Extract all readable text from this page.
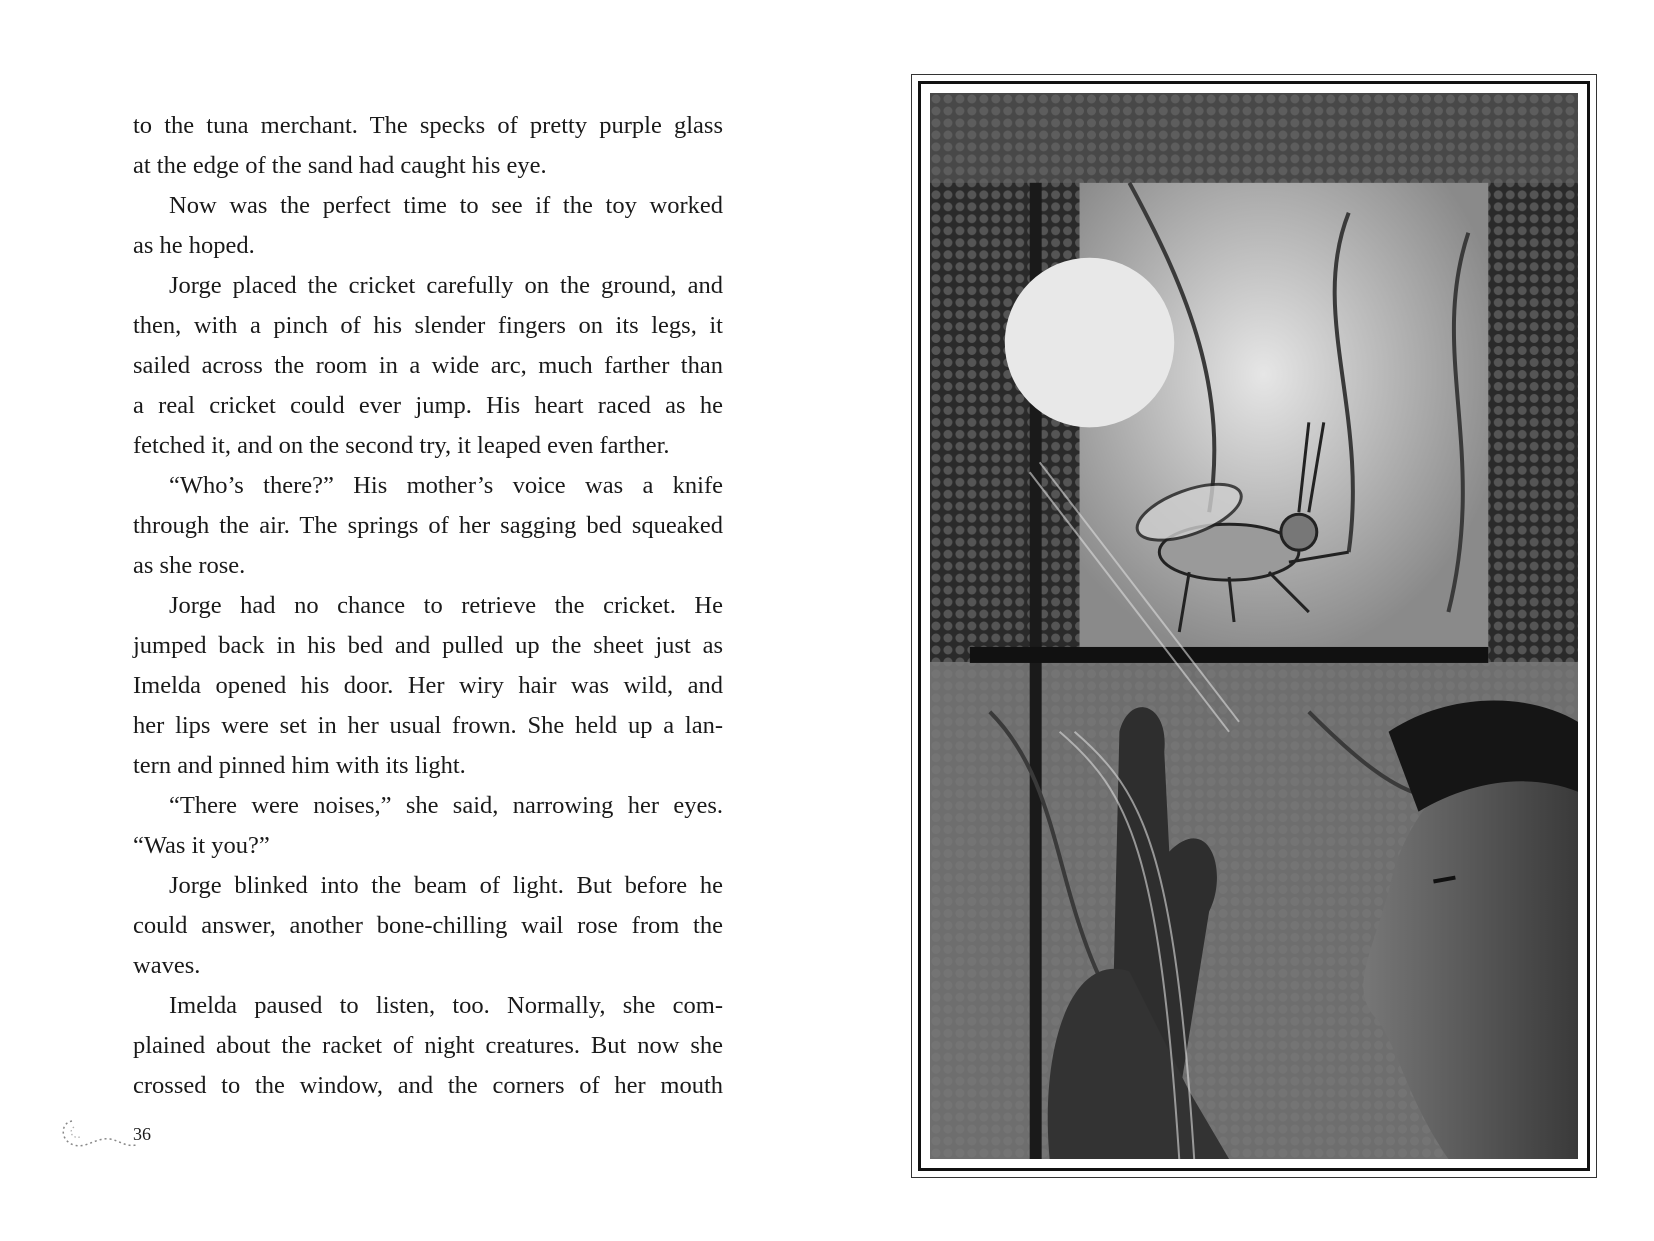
to the tuna merchant. The specks of pretty purple glass
at the edge of the sand had caught his eye.
Now was the perfect time to see if the toy worked
as he hoped.
Jorge placed the cricket carefully on the ground, and
then, with a pinch of his slender fingers on its legs, it
sailed across the room in a wide arc, much farther than
a real cricket could ever jump. His heart raced as he
fetched it, and on the second try, it leaped even farther.
“Who’s there?” His mother’s voice was a knife
through the air. The springs of her sagging bed squeaked
as she rose.
Jorge had no chance to retrieve the cricket. He
jumped back in his bed and pulled up the sheet just as
Imelda opened his door. Her wiry hair was wild, and
her lips were set in her usual frown. She held up a lan-
tern and pinned him with its light.
“There were noises,” she said, narrowing her eyes.
“Was it you?”
Jorge blinked into the beam of light. But before he
could answer, another bone-chilling wail rose from the
waves.
Imelda paused to listen, too. Normally, she com-
plained about the racket of night creatures. But now she
crossed to the window, and the corners of her mouth
36
